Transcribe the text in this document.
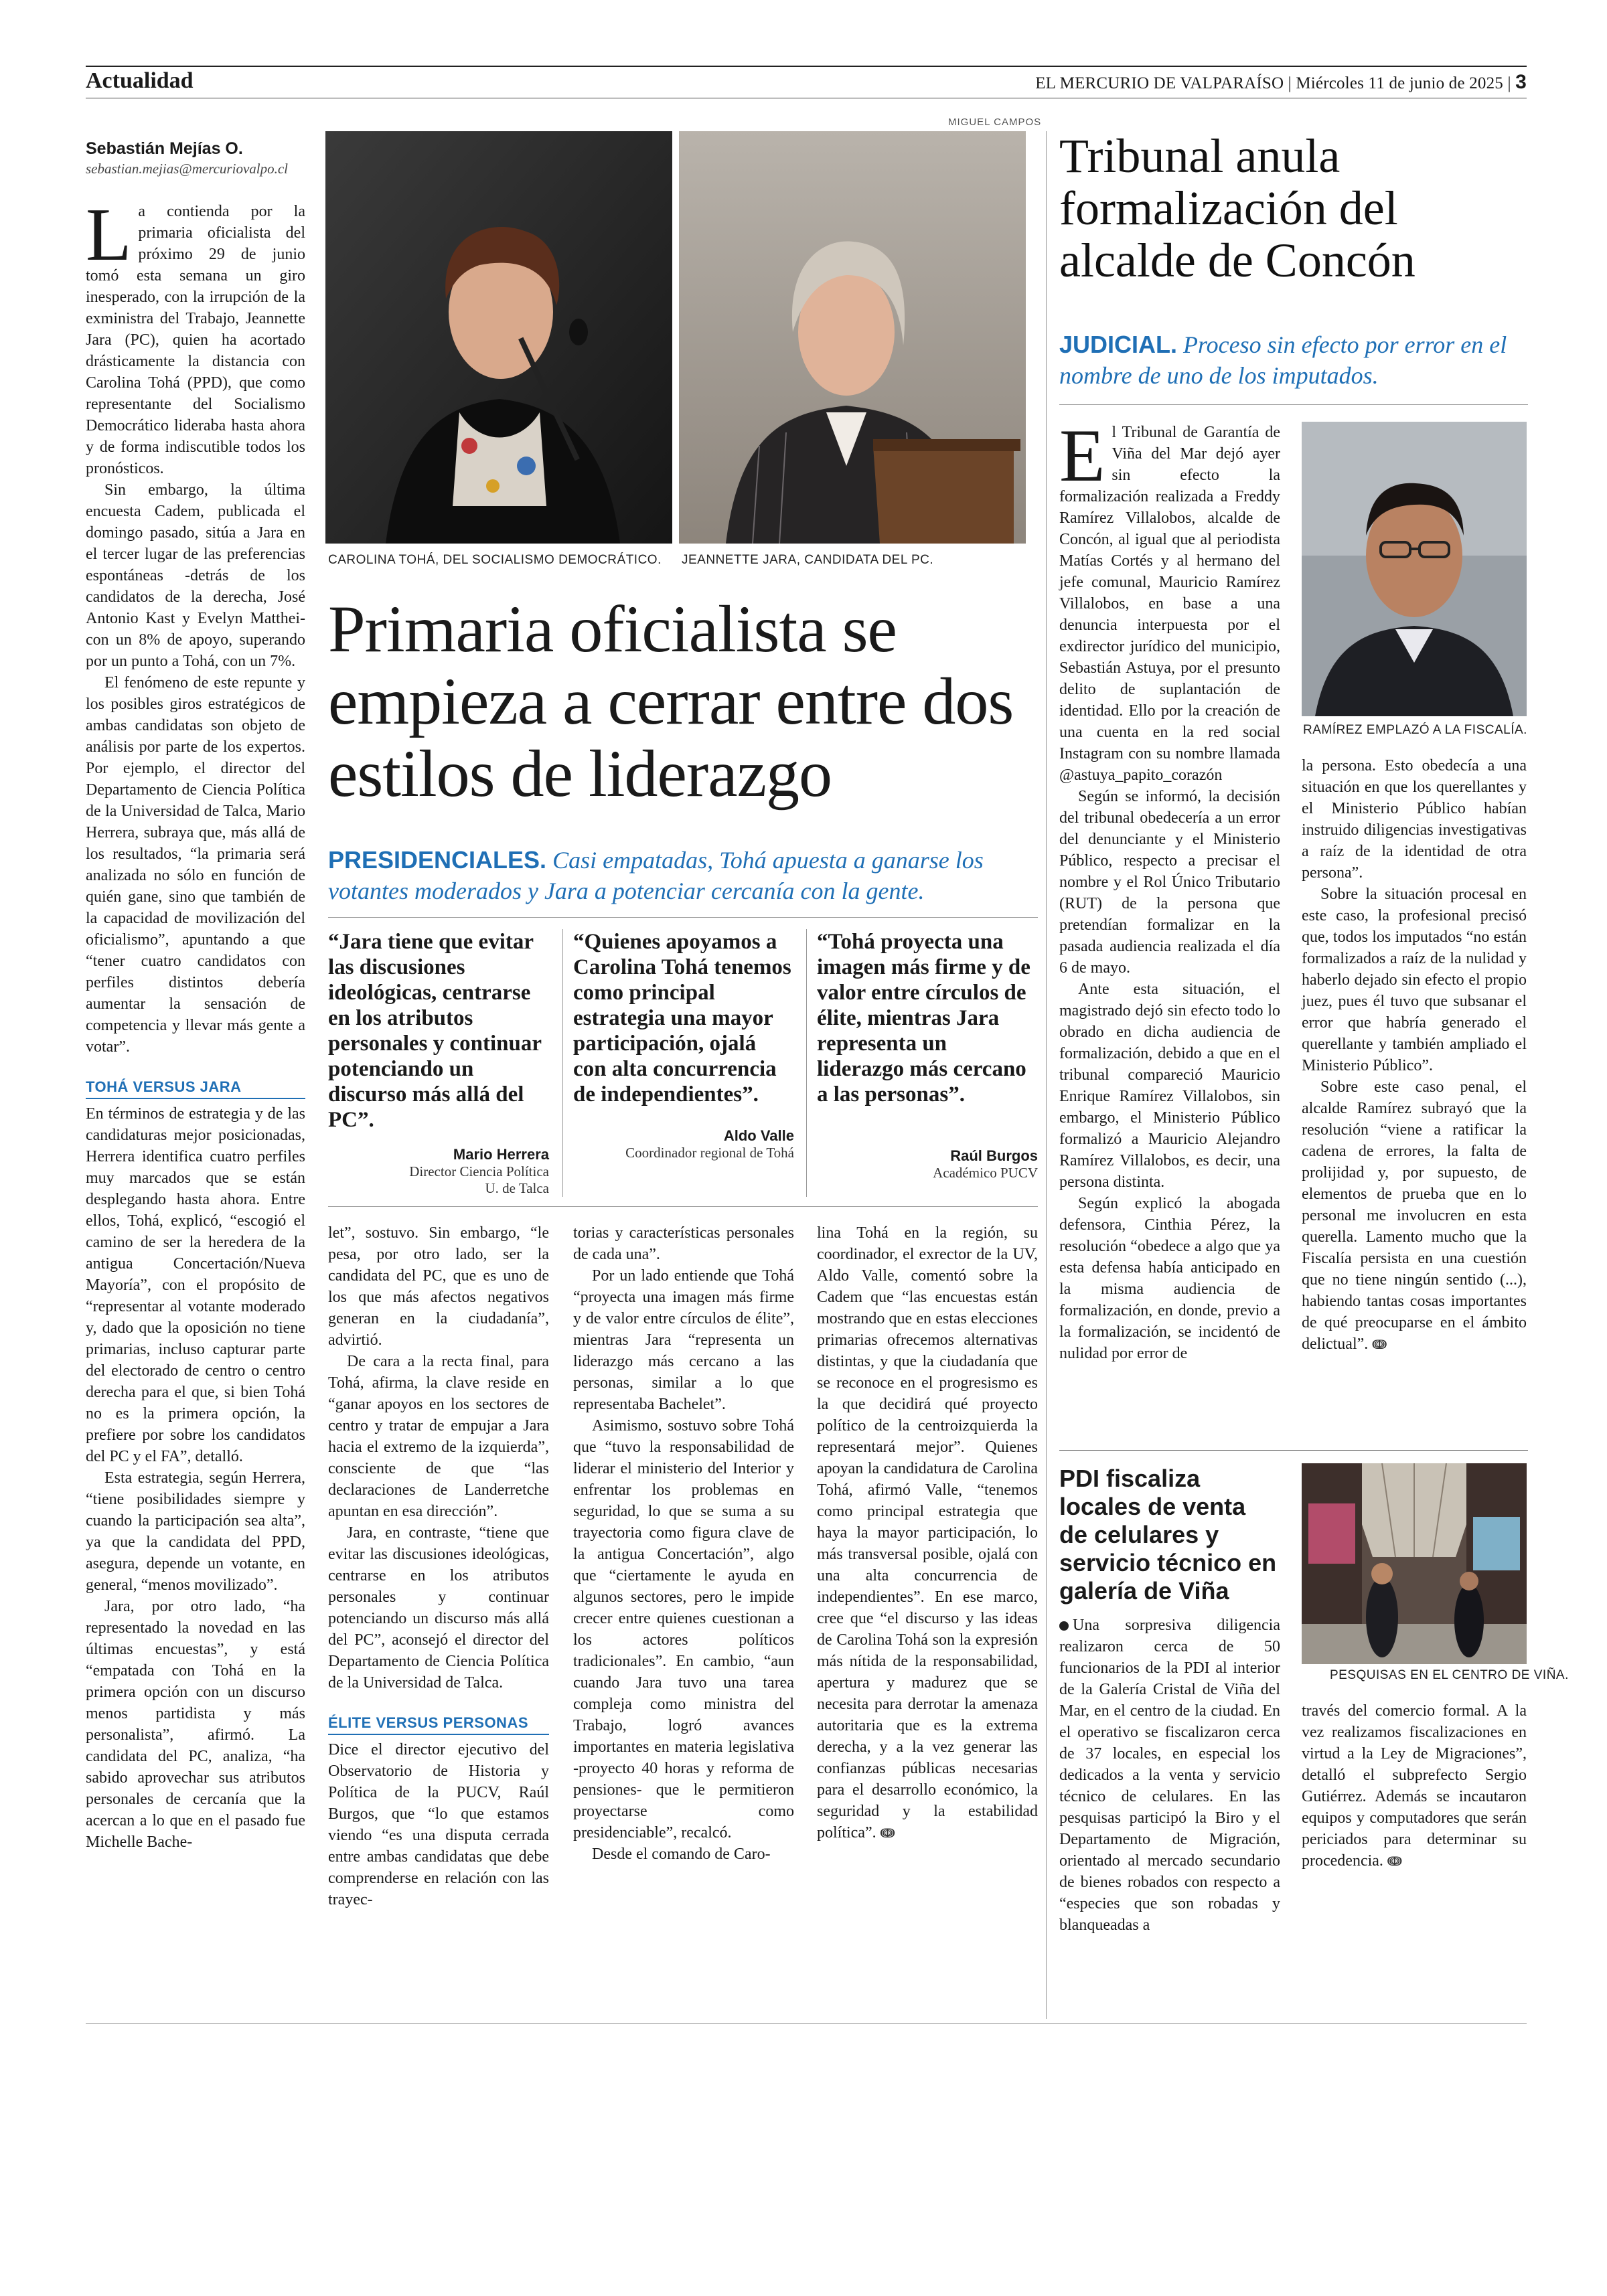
Actualidad	EL MERCURIO DE VALPARAÍSO | Miércoles 11 de junio de 2025 | 3
Sebastián Mejías O.
sebastian.mejias@mercuriovalpo.cl

La contienda por la primaria oficialista del próximo 29 de junio tomó esta semana un giro inesperado, con la irrupción de la exministra del Trabajo, Jeannette Jara (PC), quien ha acortado drásticamente la distancia con Carolina Tohá (PPD), que como representante del Socialismo Democrático lideraba hasta ahora y de forma indiscutible todos los pronósticos.

Sin embargo, la última encuesta Cadem, publicada el domingo pasado, sitúa a Jara en el tercer lugar de las preferencias espontáneas -detrás de los candidatos de la derecha, José Antonio Kast y Evelyn Matthei- con un 8% de apoyo, superando por un punto a Tohá, con un 7%.

El fenómeno de este repunte y los posibles giros estratégicos de ambas candidatas son objeto de análisis por parte de los expertos. Por ejemplo, el director del Departamento de Ciencia Política de la Universidad de Talca, Mario Herrera, subraya que, más allá de los resultados, “la primaria será analizada no sólo en función de quién gane, sino que también de la capacidad de movilización del oficialismo”, apuntando a que “tener cuatro candidatos con perfiles distintos debería aumentar la sensación de competencia y llevar más gente a votar”.

TOHÁ VERSUS JARA

En términos de estrategia y de las candidaturas mejor posicionadas, Herrera identifica cuatro perfiles muy marcados que se están desplegando hasta ahora. Entre ellos, Tohá, explicó, “escogió el camino de ser la heredera de la antigua Concertación/Nueva Mayoría”, con el propósito de “representar al votante moderado y, dado que la oposición no tiene primarias, incluso capturar parte del electorado de centro o centro derecha para el que, si bien Tohá no es la primera opción, la prefiere por sobre los candidatos del PC y el FA”, detalló.

Esta estrategia, según Herrera, “tiene posibilidades siempre y cuando la participación sea alta”, ya que la candidata del PPD, asegura, depende un votante, en general, “menos movilizado”.

Jara, por otro lado, “ha representado la novedad en las últimas encuestas”, y está “empatada con Tohá en la primera opción con un discurso menos partidista y más personalista”, afirmó. La candidata del PC, analiza, “ha sabido aprovechar sus atributos personales de cercanía que la acercan a lo que en el pasado fue Michelle Bache-

MIGUEL CAMPOS
CAROLINA TOHÁ, DEL SOCIALISMO DEMOCRÁTICO. JEANNETTE JARA, CANDIDATA DEL PC.
Primaria oficialista se empieza a cerrar entre dos estilos de liderazgo
PRESIDENCIALES. Casi empatadas, Tohá apuesta a ganarse los votantes moderados y Jara a potenciar cercanía con la gente.
“Jara tiene que evitar las discusiones ideológicas, centrarse en los atributos personales y continuar potenciando un discurso más allá del PC”.
Mario Herrera
Director Ciencia Política
U. de Talca
“Quienes apoyamos a Carolina Tohá tenemos como principal estrategia una mayor participación, ojalá con alta concurrencia de independientes”.
Aldo Valle
Coordinador regional de Tohá
“Tohá proyecta una imagen más firme y de valor entre círculos de élite, mientras Jara representa un liderazgo más cercano a las personas”.
Raúl Burgos
Académico PUCV

let”, sostuvo. Sin embargo, “le pesa, por otro lado, ser la candidata del PC, que es uno de los que más afectos negativos generan en la ciudadanía”, advirtió.

De cara a la recta final, para Tohá, afirma, la clave reside en “ganar apoyos en los sectores de centro y tratar de empujar a Jara hacia el extremo de la izquierda”, consciente de que “las declaraciones de Landerretche apuntan en esa dirección”.

Jara, en contraste, “tiene que evitar las discusiones ideológicas, centrarse en los atributos personales y continuar potenciando un discurso más allá del PC”, aconsejó el director del Departamento de Ciencia Política de la Universidad de Talca.

ÉLITE VERSUS PERSONAS

Dice el director ejecutivo del Observatorio de Historia y Política de la PUCV, Raúl Burgos, que “lo que estamos viendo “es una disputa cerrada entre ambas candidatas que debe comprenderse en relación con las trayec-

torias y características personales de cada una”.

Por un lado entiende que Tohá “proyecta una imagen más firme y de valor entre círculos de élite”, mientras Jara “representa un liderazgo más cercano a las personas, similar a lo que representaba Bachelet”.

Asimismo, sostuvo sobre Tohá que “tuvo la responsabilidad de liderar el ministerio del Interior y enfrentar los problemas en seguridad, lo que se suma a su trayectoria como figura clave de la antigua Concertación”, algo que “ciertamente le ayuda en algunos sectores, pero le impide crecer entre quienes cuestionan a los actores políticos tradicionales”. En cambio, “aun cuando Jara tuvo una tarea compleja como ministra del Trabajo, logró avances importantes en materia legislativa -proyecto 40 horas y reforma de pensiones- que le permitieron proyectarse como presidenciable”, recalcó.

Desde el comando de Caro-

lina Tohá en la región, su coordinador, el exrector de la UV, Aldo Valle, comentó sobre la Cadem que “las encuestas están mostrando que en estas elecciones primarias ofrecemos alternativas distintas, y que la ciudadanía que se reconoce en el progresismo es la que decidirá qué proyecto político de la centroizquierda la representará mejor”. Quienes apoyan la candidatura de Carolina Tohá, afirmó Valle, “tenemos como principal estrategia que haya la mayor participación, lo más transversal posible, ojalá con una alta concurrencia de independientes”. En ese marco, cree que “el discurso y las ideas de Carolina Tohá son la expresión más nítida de la responsabilidad, apertura y madurez que se necesita para derrotar la amenaza autoritaria que es la extrema derecha, y a la vez generar las confianzas públicas necesarias para el desarrollo económico, la seguridad y la estabilidad política”. ↈ

Tribunal anula formalización del alcalde de Concón
JUDICIAL. Proceso sin efecto por error en el nombre de uno de los imputados.

El Tribunal de Garantía de Viña del Mar dejó ayer sin efecto la formalización realizada a Freddy Ramírez Villalobos, alcalde de Concón, al igual que al periodista Matías Cortés y al hermano del jefe comunal, Mauricio Ramírez Villalobos, en base a una denuncia interpuesta por el exdirector jurídico del municipio, Sebastián Astuya, por el presunto delito de suplantación de identidad. Ello por la creación de una cuenta en la red social Instagram con su nombre llamada @astuya_papito_corazón

Según se informó, la decisión del tribunal obedecería a un error del denunciante y el Ministerio Público, respecto a precisar el nombre y el Rol Único Tributario (RUT) de la persona que pretendían formalizar en la pasada audiencia realizada el día 6 de mayo.

Ante esta situación, el magistrado dejó sin efecto todo lo obrado en dicha audiencia de formalización, debido a que en el tribunal compareció Mauricio Enrique Ramírez Villalobos, sin embargo, el Ministerio Público formalizó a Mauricio Alejandro Ramírez Villalobos, es decir, una persona distinta.

Según explicó la abogada defensora, Cinthia Pérez, la resolución “obedece a algo que ya esta defensa había anticipado en la misma audiencia de formalización, en donde, previo a la formalización, se incidentó de nulidad por error de

RAMÍREZ EMPLAZÓ A LA FISCALÍA.

la persona. Esto obedecía a una situación en que los querellantes y el Ministerio Público habían instruido diligencias investigativas a raíz de la identidad de otra persona”.

Sobre la situación procesal en este caso, la profesional precisó que, todos los imputados “no están formalizados a raíz de la nulidad y haberlo dejado sin efecto el propio juez, pues él tuvo que subsanar el error que habría generado el querellante y también ampliado el Ministerio Público”.

Sobre este caso penal, el alcalde Ramírez subrayó que la resolución “viene a ratificar la cadena de errores, la falta de prolijidad y, por supuesto, de elementos de prueba que en lo personal me involucren en esta querella. Lamento mucho que la Fiscalía persista en una cuestión que no tiene ningún sentido (...), habiendo tantas cosas importantes de qué preocuparse en el ámbito delictual”. ↈ

PDI fiscaliza locales de venta de celulares y servicio técnico en galería de Viña
PESQUISAS EN EL CENTRO DE VIÑA.

Una sorpresiva diligencia realizaron cerca de 50 funcionarios de la PDI al interior de la Galería Cristal de Viña del Mar, en el centro de la ciudad. En el operativo se fiscalizaron cerca de 37 locales, en especial los dedicados a la venta y servicio técnico de celulares. En las pesquisas participó la Biro y el Departamento de Migración, orientado al mercado secundario de bienes robados con respecto a “especies que son robadas y blanqueadas a

través del comercio formal. A la vez realizamos fiscalizaciones en virtud a la Ley de Migraciones”, detalló el subprefecto Sergio Gutiérrez. Además se incautaron equipos y computadores que serán periciados para determinar su procedencia. ↈ
